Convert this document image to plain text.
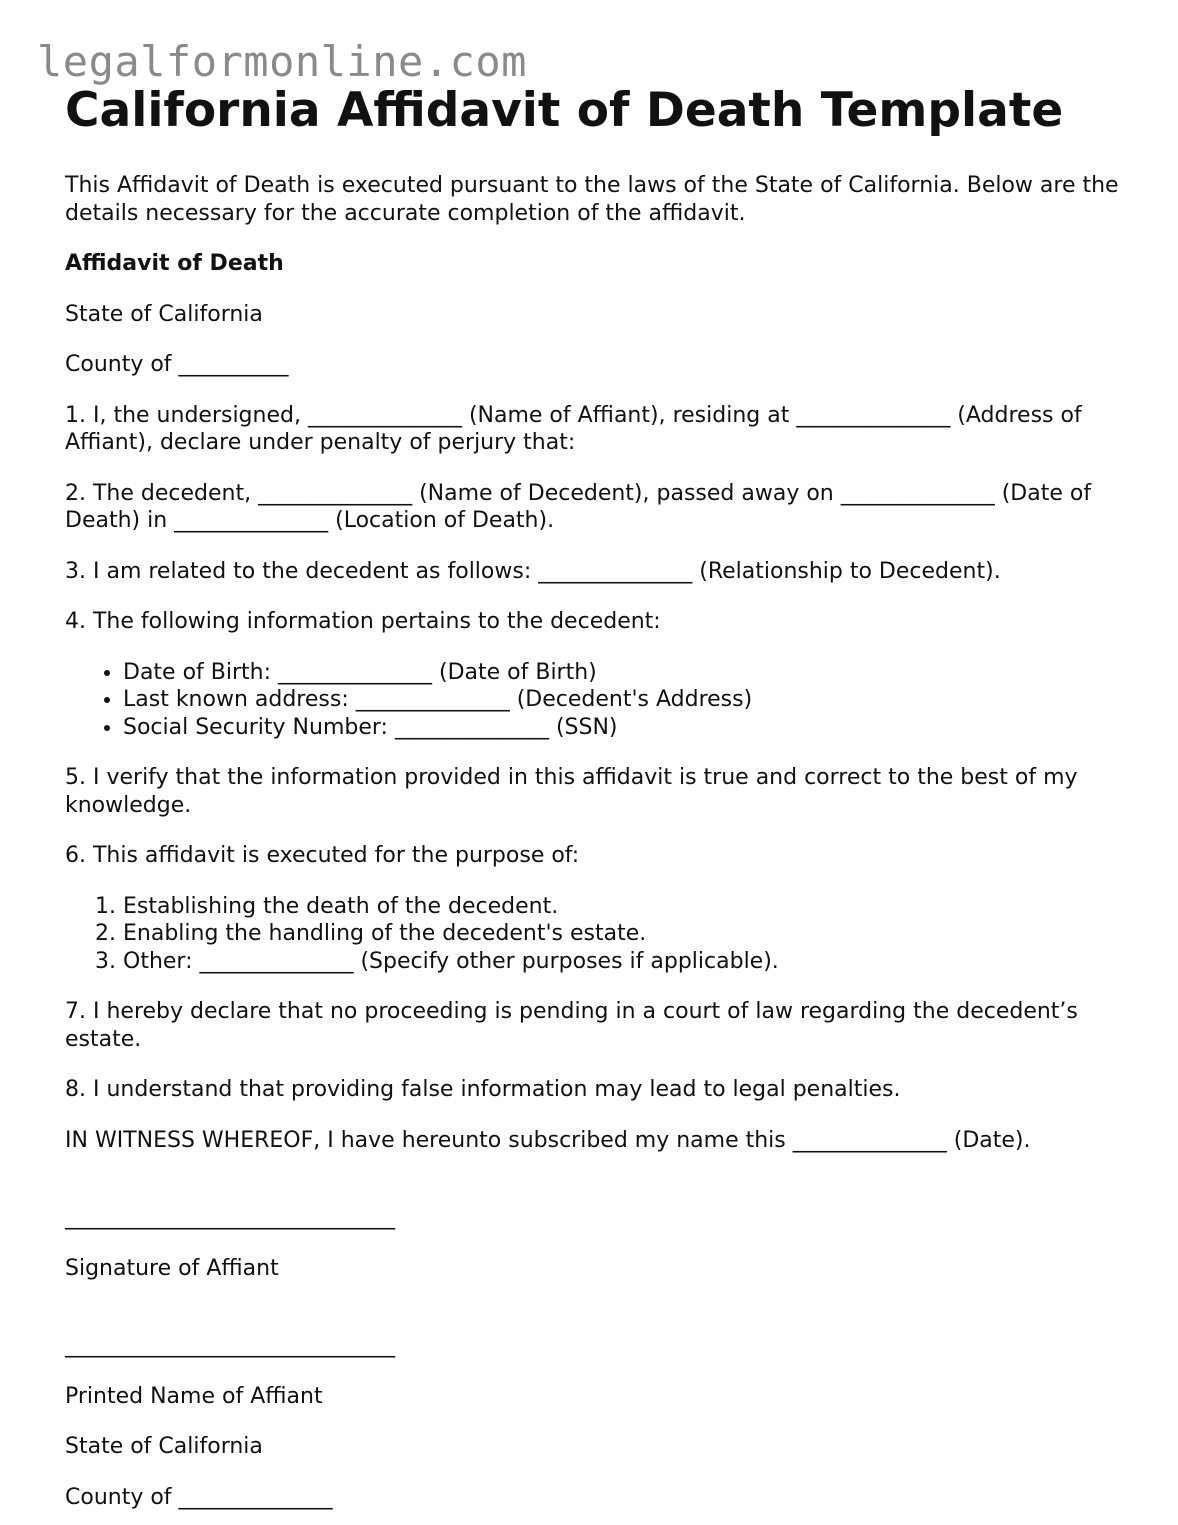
legalformonline.com
California Affidavit of Death Template

This Affidavit of Death is executed pursuant to the laws of the State of California. Below are the details necessary for the accurate completion of the affidavit.

Affidavit of Death

State of California

County of __________

1. I, the undersigned, ______________ (Name of Affiant), residing at ______________ (Address of Affiant), declare under penalty of perjury that:

2. The decedent, ______________ (Name of Decedent), passed away on ______________ (Date of Death) in ______________ (Location of Death).

3. I am related to the decedent as follows: ______________ (Relationship to Decedent).

4. The following information pertains to the decedent:

• Date of Birth: ______________ (Date of Birth)
• Last known address: ______________ (Decedent's Address)
• Social Security Number: ______________ (SSN)

5. I verify that the information provided in this affidavit is true and correct to the best of my knowledge.

6. This affidavit is executed for the purpose of:

1. Establishing the death of the decedent.
2. Enabling the handling of the decedent's estate.
3. Other: ______________ (Specify other purposes if applicable).

7. I hereby declare that no proceeding is pending in a court of law regarding the decedent’s estate.

8. I understand that providing false information may lead to legal penalties.

IN WITNESS WHEREOF, I have hereunto subscribed my name this ______________ (Date).

______________________________

Signature of Affiant

______________________________

Printed Name of Affiant

State of California

County of ______________
